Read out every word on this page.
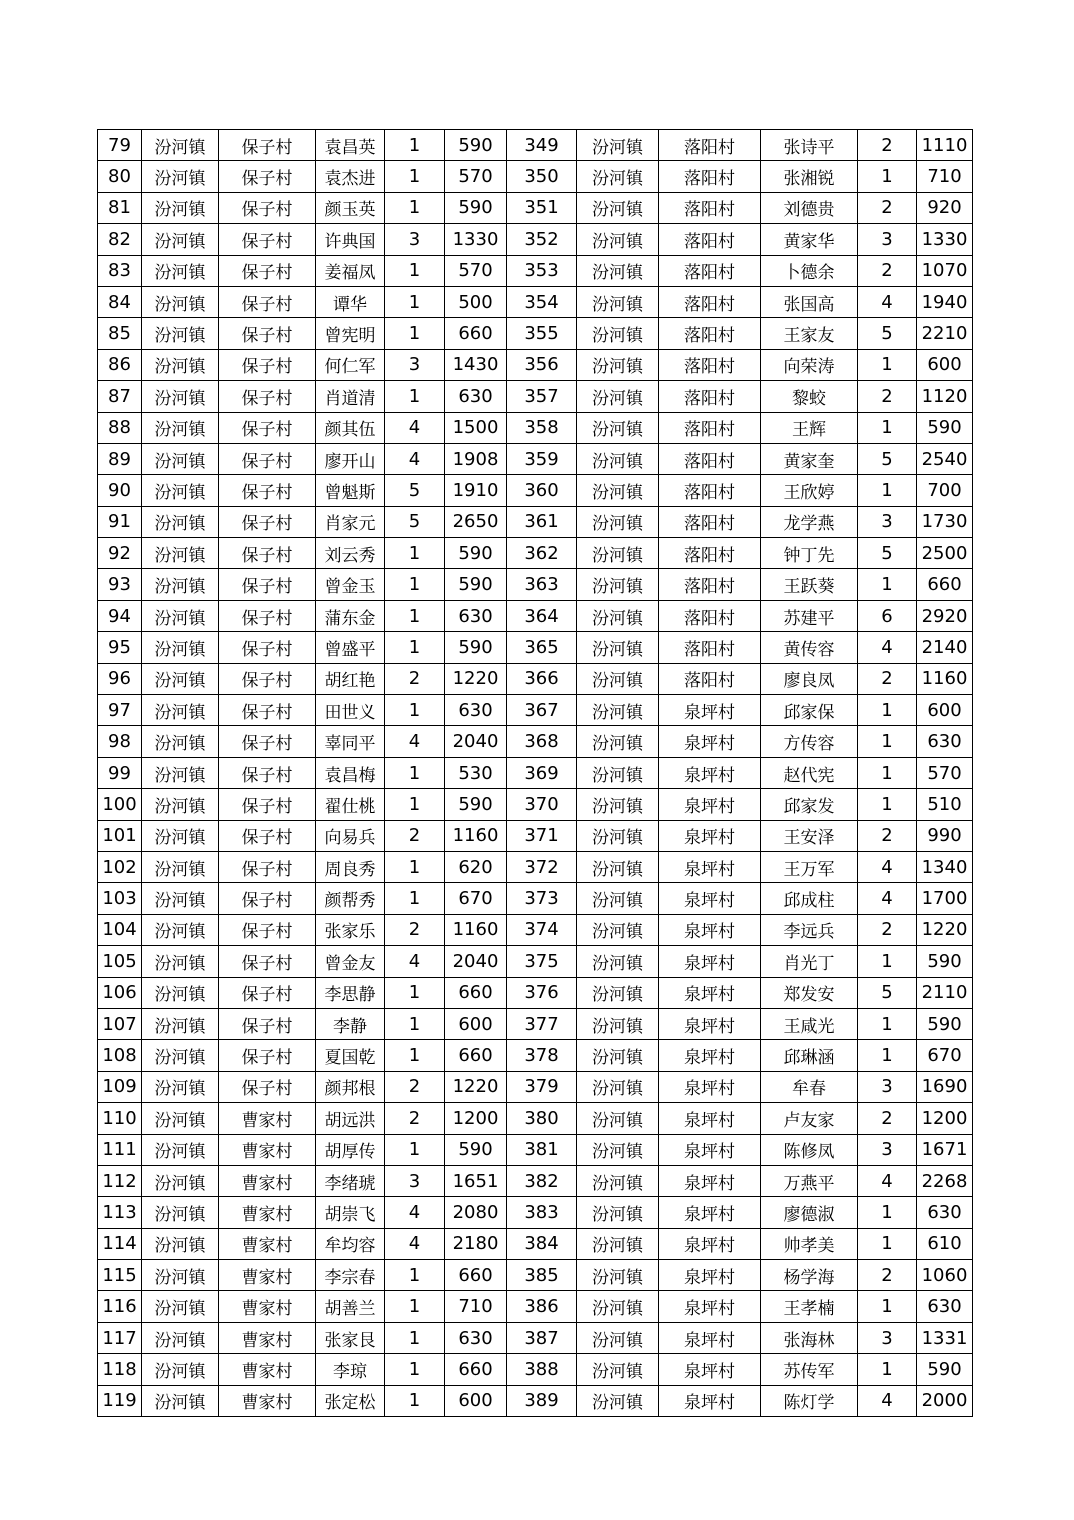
79	汾河镇	保子村	袁昌英	1	590	349	汾河镇	落阳村	张诗平	2	1110
80	汾河镇	保子村	袁杰进	1	570	350	汾河镇	落阳村	张湘锐	1	710
81	汾河镇	保子村	颜玉英	1	590	351	汾河镇	落阳村	刘德贵	2	920
82	汾河镇	保子村	许典国	3	1330	352	汾河镇	落阳村	黄家华	3	1330
83	汾河镇	保子村	姜福凤	1	570	353	汾河镇	落阳村	卜德余	2	1070
84	汾河镇	保子村	谭华	1	500	354	汾河镇	落阳村	张国高	4	1940
85	汾河镇	保子村	曾宪明	1	660	355	汾河镇	落阳村	王家友	5	2210
86	汾河镇	保子村	何仁军	3	1430	356	汾河镇	落阳村	向荣涛	1	600
87	汾河镇	保子村	肖道清	1	630	357	汾河镇	落阳村	黎蛟	2	1120
88	汾河镇	保子村	颜其伍	4	1500	358	汾河镇	落阳村	王辉	1	590
89	汾河镇	保子村	廖开山	4	1908	359	汾河镇	落阳村	黄家奎	5	2540
90	汾河镇	保子村	曾魁斯	5	1910	360	汾河镇	落阳村	王欣婷	1	700
91	汾河镇	保子村	肖家元	5	2650	361	汾河镇	落阳村	龙学燕	3	1730
92	汾河镇	保子村	刘云秀	1	590	362	汾河镇	落阳村	钟丁先	5	2500
93	汾河镇	保子村	曾金玉	1	590	363	汾河镇	落阳村	王跃葵	1	660
94	汾河镇	保子村	蒲东金	1	630	364	汾河镇	落阳村	苏建平	6	2920
95	汾河镇	保子村	曾盛平	1	590	365	汾河镇	落阳村	黄传容	4	2140
96	汾河镇	保子村	胡红艳	2	1220	366	汾河镇	落阳村	廖良凤	2	1160
97	汾河镇	保子村	田世义	1	630	367	汾河镇	泉坪村	邱家保	1	600
98	汾河镇	保子村	辜同平	4	2040	368	汾河镇	泉坪村	方传容	1	630
99	汾河镇	保子村	袁昌梅	1	530	369	汾河镇	泉坪村	赵代宪	1	570
100	汾河镇	保子村	翟仕桃	1	590	370	汾河镇	泉坪村	邱家发	1	510
101	汾河镇	保子村	向易兵	2	1160	371	汾河镇	泉坪村	王安泽	2	990
102	汾河镇	保子村	周良秀	1	620	372	汾河镇	泉坪村	王万军	4	1340
103	汾河镇	保子村	颜帮秀	1	670	373	汾河镇	泉坪村	邱成柱	4	1700
104	汾河镇	保子村	张家乐	2	1160	374	汾河镇	泉坪村	李远兵	2	1220
105	汾河镇	保子村	曾金友	4	2040	375	汾河镇	泉坪村	肖光丁	1	590
106	汾河镇	保子村	李思静	1	660	376	汾河镇	泉坪村	郑发安	5	2110
107	汾河镇	保子村	李静	1	600	377	汾河镇	泉坪村	王咸光	1	590
108	汾河镇	保子村	夏国乾	1	660	378	汾河镇	泉坪村	邱琳涵	1	670
109	汾河镇	保子村	颜邦根	2	1220	379	汾河镇	泉坪村	牟春	3	1690
110	汾河镇	曹家村	胡远洪	2	1200	380	汾河镇	泉坪村	卢友家	2	1200
111	汾河镇	曹家村	胡厚传	1	590	381	汾河镇	泉坪村	陈修凤	3	1671
112	汾河镇	曹家村	李绪琥	3	1651	382	汾河镇	泉坪村	万燕平	4	2268
113	汾河镇	曹家村	胡崇飞	4	2080	383	汾河镇	泉坪村	廖德淑	1	630
114	汾河镇	曹家村	牟均容	4	2180	384	汾河镇	泉坪村	帅孝美	1	610
115	汾河镇	曹家村	李宗春	1	660	385	汾河镇	泉坪村	杨学海	2	1060
116	汾河镇	曹家村	胡善兰	1	710	386	汾河镇	泉坪村	王孝楠	1	630
117	汾河镇	曹家村	张家艮	1	630	387	汾河镇	泉坪村	张海林	3	1331
118	汾河镇	曹家村	李琼	1	660	388	汾河镇	泉坪村	苏传军	1	590
119	汾河镇	曹家村	张定松	1	600	389	汾河镇	泉坪村	陈灯学	4	2000
